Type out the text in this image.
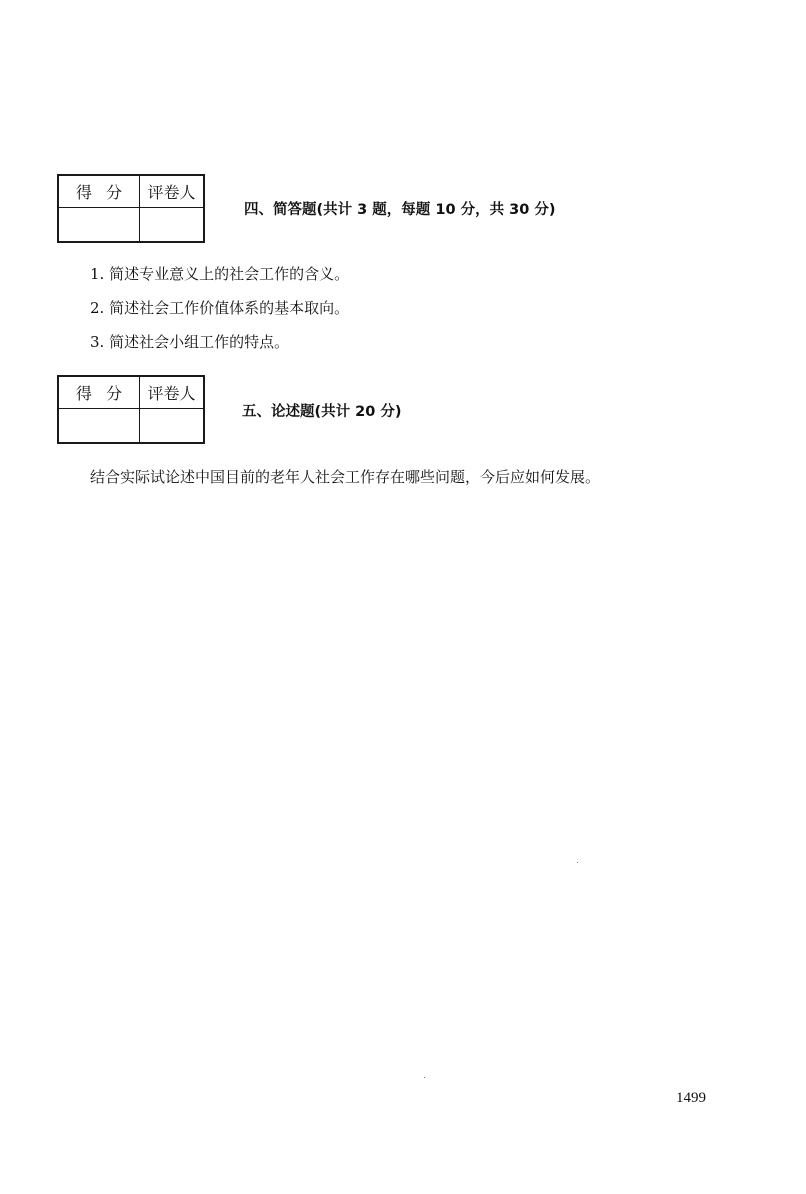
得分	评卷人

四、简答题(共计 3 题，每题 10 分，共 30 分)
1. 简述专业意义上的社会工作的含义。
2. 简述社会工作价值体系的基本取向。
3. 简述社会小组工作的特点。
得分	评卷人

五、论述题(共计 20 分)
结合实际试论述中国目前的老年人社会工作存在哪些问题，今后应如何发展。
1499
